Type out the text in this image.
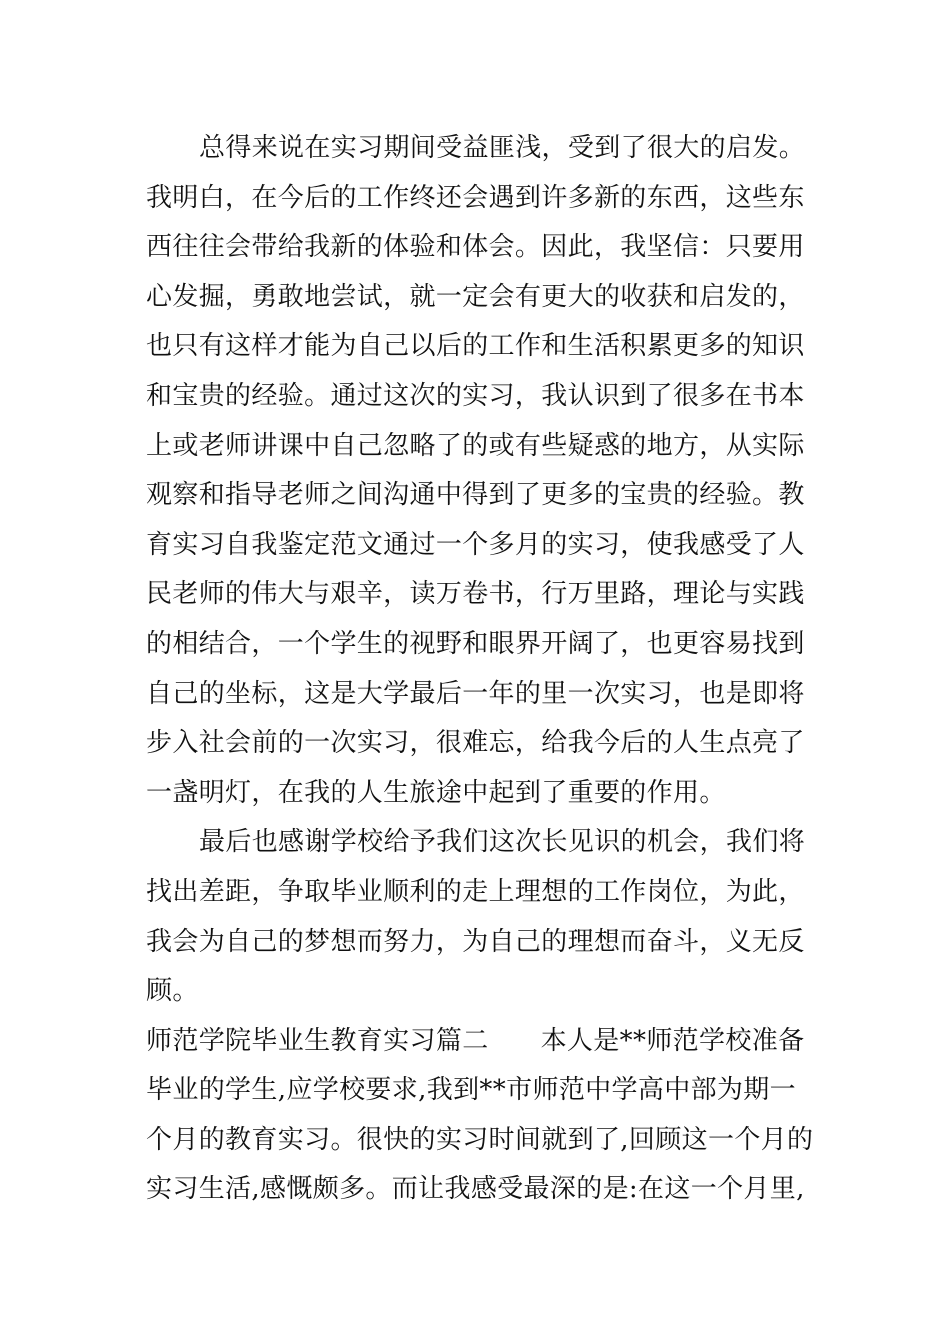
总得来说在实习期间受益匪浅，受到了很大的启发。
我明白，在今后的工作终还会遇到许多新的东西，这些东
西往往会带给我新的体验和体会。因此，我坚信：只要用
心发掘，勇敢地尝试，就一定会有更大的收获和启发的，
也只有这样才能为自己以后的工作和生活积累更多的知识
和宝贵的经验。通过这次的实习，我认识到了很多在书本
上或老师讲课中自己忽略了的或有些疑惑的地方，从实际
观察和指导老师之间沟通中得到了更多的宝贵的经验。教
育实习自我鉴定范文通过一个多月的实习，使我感受了人
民老师的伟大与艰辛，读万卷书，行万里路，理论与实践
的相结合，一个学生的视野和眼界开阔了，也更容易找到
自己的坐标，这是大学最后一年的里一次实习，也是即将
步入社会前的一次实习，很难忘，给我今后的人生点亮了
一盏明灯，在我的人生旅途中起到了重要的作用。
最后也感谢学校给予我们这次长见识的机会，我们将
找出差距，争取毕业顺利的走上理想的工作岗位，为此，
我会为自己的梦想而努力，为自己的理想而奋斗，义无反
顾。
师范学院毕业生教育实习篇二 本人是**师范学校准备
毕业的学生,应学校要求,我到**市师范中学高中部为期一
个月的教育实习。很快的实习时间就到了,回顾这一个月的
实习生活,感慨颇多。而让我感受最深的是:在这一个月里,
